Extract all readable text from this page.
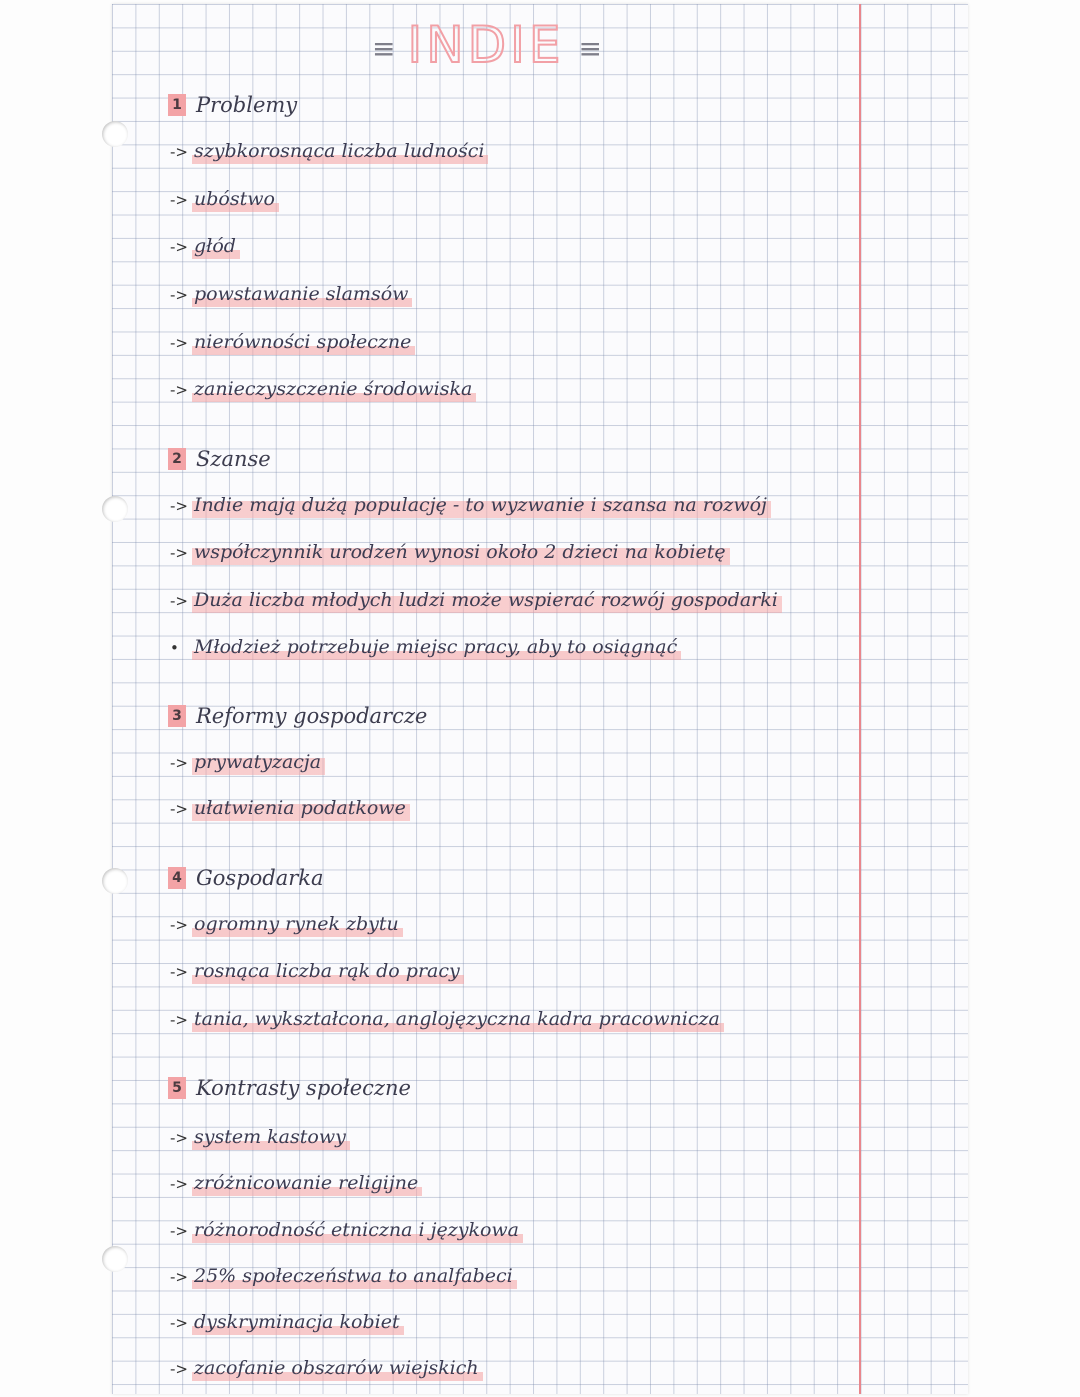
≡ INDIE ≡
1 Problemy
-> szybkorosnąca liczba ludności
-> ubóstwo
-> głód
-> powstawanie slamsów
-> nierówności społeczne
-> zanieczyszczenie środowiska
2 Szanse
-> Indie mają dużą populację - to wyzwanie i szansa na rozwój
-> współczynnik urodzeń wynosi około 2 dzieci na kobietę
-> Duża liczba młodych ludzi może wspierać rozwój gospodarki
• Młodzież potrzebuje miejsc pracy, aby to osiągnąć
3 Reformy gospodarcze
-> prywatyzacja
-> ułatwienia podatkowe
4 Gospodarka
-> ogromny rynek zbytu
-> rosnąca liczba rąk do pracy
-> tania, wykształcona, anglojęzyczna kadra pracownicza
5 Kontrasty społeczne
-> system kastowy
-> zróżnicowanie religijne
-> różnorodność etniczna i językowa
-> 25% społeczeństwa to analfabeci
-> dyskryminacja kobiet
-> zacofanie obszarów wiejskich
